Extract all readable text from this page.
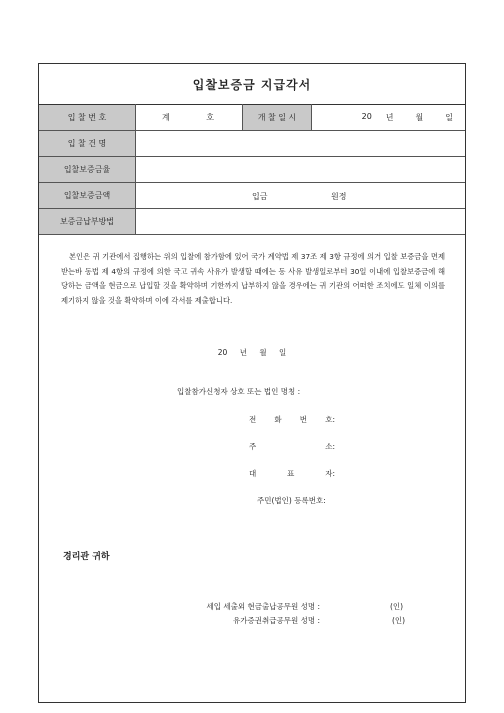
입찰보증금 지급각서
입 찰 번 호	계 호	개 찰 일 시	20 년 월 일

입 찰 건 명			
입찰보증금율			
입찰보증금액	입금 원정		

보증금납부방법			

본인은 귀 기관에서 집행하는 위의 입찰에 참가함에 있어 국가 계약법 제 37조 제 3항 규정에 의거 입찰 보증금을 면제받는바 동법 제 4항의 규정에 의한 국고 귀속 사유가 발생할 때에는 동 사유 발생일로부터 30일 이내에 입찰보증금에 해당하는 금액을 현금으로 납입할 것을 확약하며 기한까지 납부하지 않을 경우에는 귀 기관의 어떠한 조치에도 일체 이의를 제기하지 않을 것을 확약하며 이에 각서를 제출합니다.

20 년 월 일
입찰참가신청자 상호 또는 법인 명칭 :
전 화 번 호:
주 소:
대 표 자:
주민(법인) 등록번호:
경리관 귀하
세입 세출외 현금출납공무원 성명 :	(인)
유가증권취급공무원 성명 :	(인)
